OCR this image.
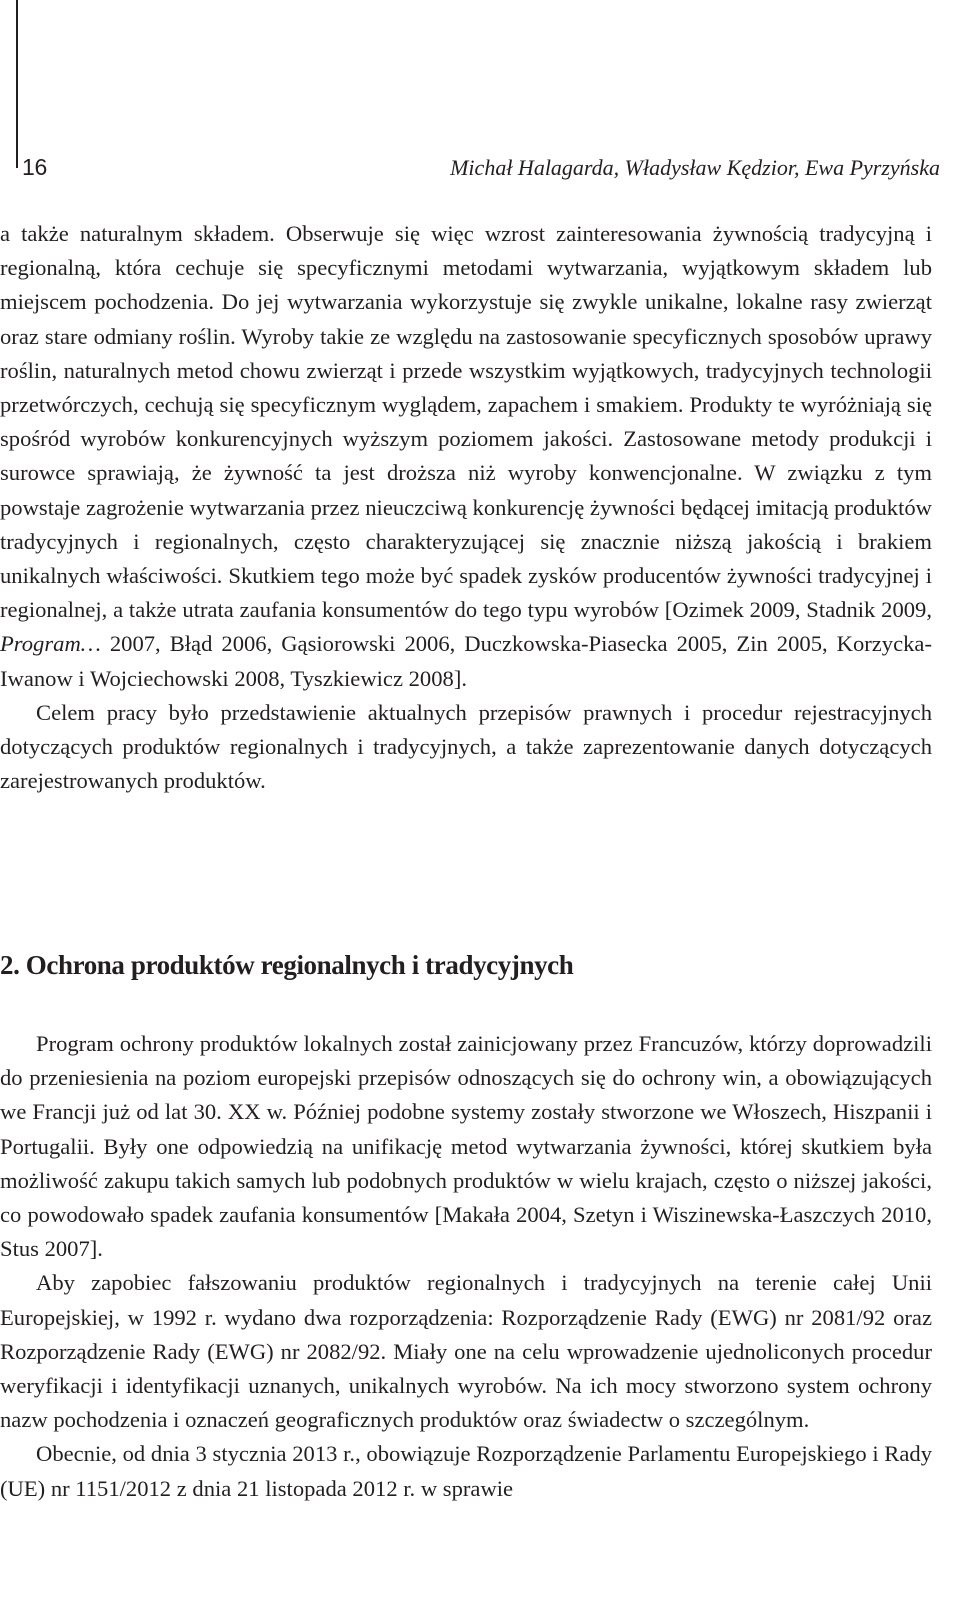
16	Michał Halagarda, Władysław Kędzior, Ewa Pyrzyńska

a także naturalnym składem. Obserwuje się więc wzrost zainteresowania żywnością tradycyjną i regionalną, która cechuje się specyficznymi metodami wytwarzania, wyjątkowym składem lub miejscem pochodzenia. Do jej wytwarzania wykorzystuje się zwykle unikalne, lokalne rasy zwierząt oraz stare odmiany roślin. Wyroby takie ze względu na zastosowanie specyficznych sposobów uprawy roślin, naturalnych metod chowu zwierząt i przede wszystkim wyjątkowych, tradycyjnych technologii przetwórczych, cechują się specyficznym wyglądem, zapachem i smakiem. Produkty te wyróżniają się spośród wyrobów konkurencyjnych wyższym poziomem jakości. Zastosowane metody produkcji i surowce sprawiają, że żywność ta jest droższa niż wyroby konwencjonalne. W związku z tym powstaje zagrożenie wytwarzania przez nieuczciwą konkurencję żywności będącej imitacją produktów tradycyjnych i regionalnych, często charakteryzującej się znacznie niższą jakością i brakiem unikalnych właściwości. Skutkiem tego może być spadek zysków producentów żywności tradycyjnej i regionalnej, a także utrata zaufania konsumentów do tego typu wyrobów [Ozimek 2009, Stadnik 2009, Program… 2007, Błąd 2006, Gąsiorowski 2006, Duczkowska-Piasecka 2005, Zin 2005, Korzycka-Iwanow i Wojciechowski 2008, Tyszkiewicz 2008].

Celem pracy było przedstawienie aktualnych przepisów prawnych i procedur rejestracyjnych dotyczących produktów regionalnych i tradycyjnych, a także zaprezentowanie danych dotyczących zarejestrowanych produktów.

2. Ochrona produktów regionalnych i tradycyjnych

Program ochrony produktów lokalnych został zainicjowany przez Francuzów, którzy doprowadzili do przeniesienia na poziom europejski przepisów odnoszących się do ochrony win, a obowiązujących we Francji już od lat 30. XX w. Później podobne systemy zostały stworzone we Włoszech, Hiszpanii i Portugalii. Były one odpowiedzią na unifikację metod wytwarzania żywności, której skutkiem była możliwość zakupu takich samych lub podobnych produktów w wielu krajach, często o niższej jakości, co powodowało spadek zaufania konsumentów [Makała 2004, Szetyn i Wiszinewska-Łaszczych 2010, Stus 2007].

Aby zapobiec fałszowaniu produktów regionalnych i tradycyjnych na terenie całej Unii Europejskiej, w 1992 r. wydano dwa rozporządzenia: Rozporządzenie Rady (EWG) nr 2081/92 oraz Rozporządzenie Rady (EWG) nr 2082/92. Miały one na celu wprowadzenie ujednoliconych procedur weryfikacji i identyfikacji uznanych, unikalnych wyrobów. Na ich mocy stworzono system ochrony nazw pochodzenia i oznaczeń geograficznych produktów oraz świadectw o szczególnym.

Obecnie, od dnia 3 stycznia 2013 r., obowiązuje Rozporządzenie Parlamentu Europejskiego i Rady (UE) nr 1151/2012 z dnia 21 listopada 2012 r. w sprawie
